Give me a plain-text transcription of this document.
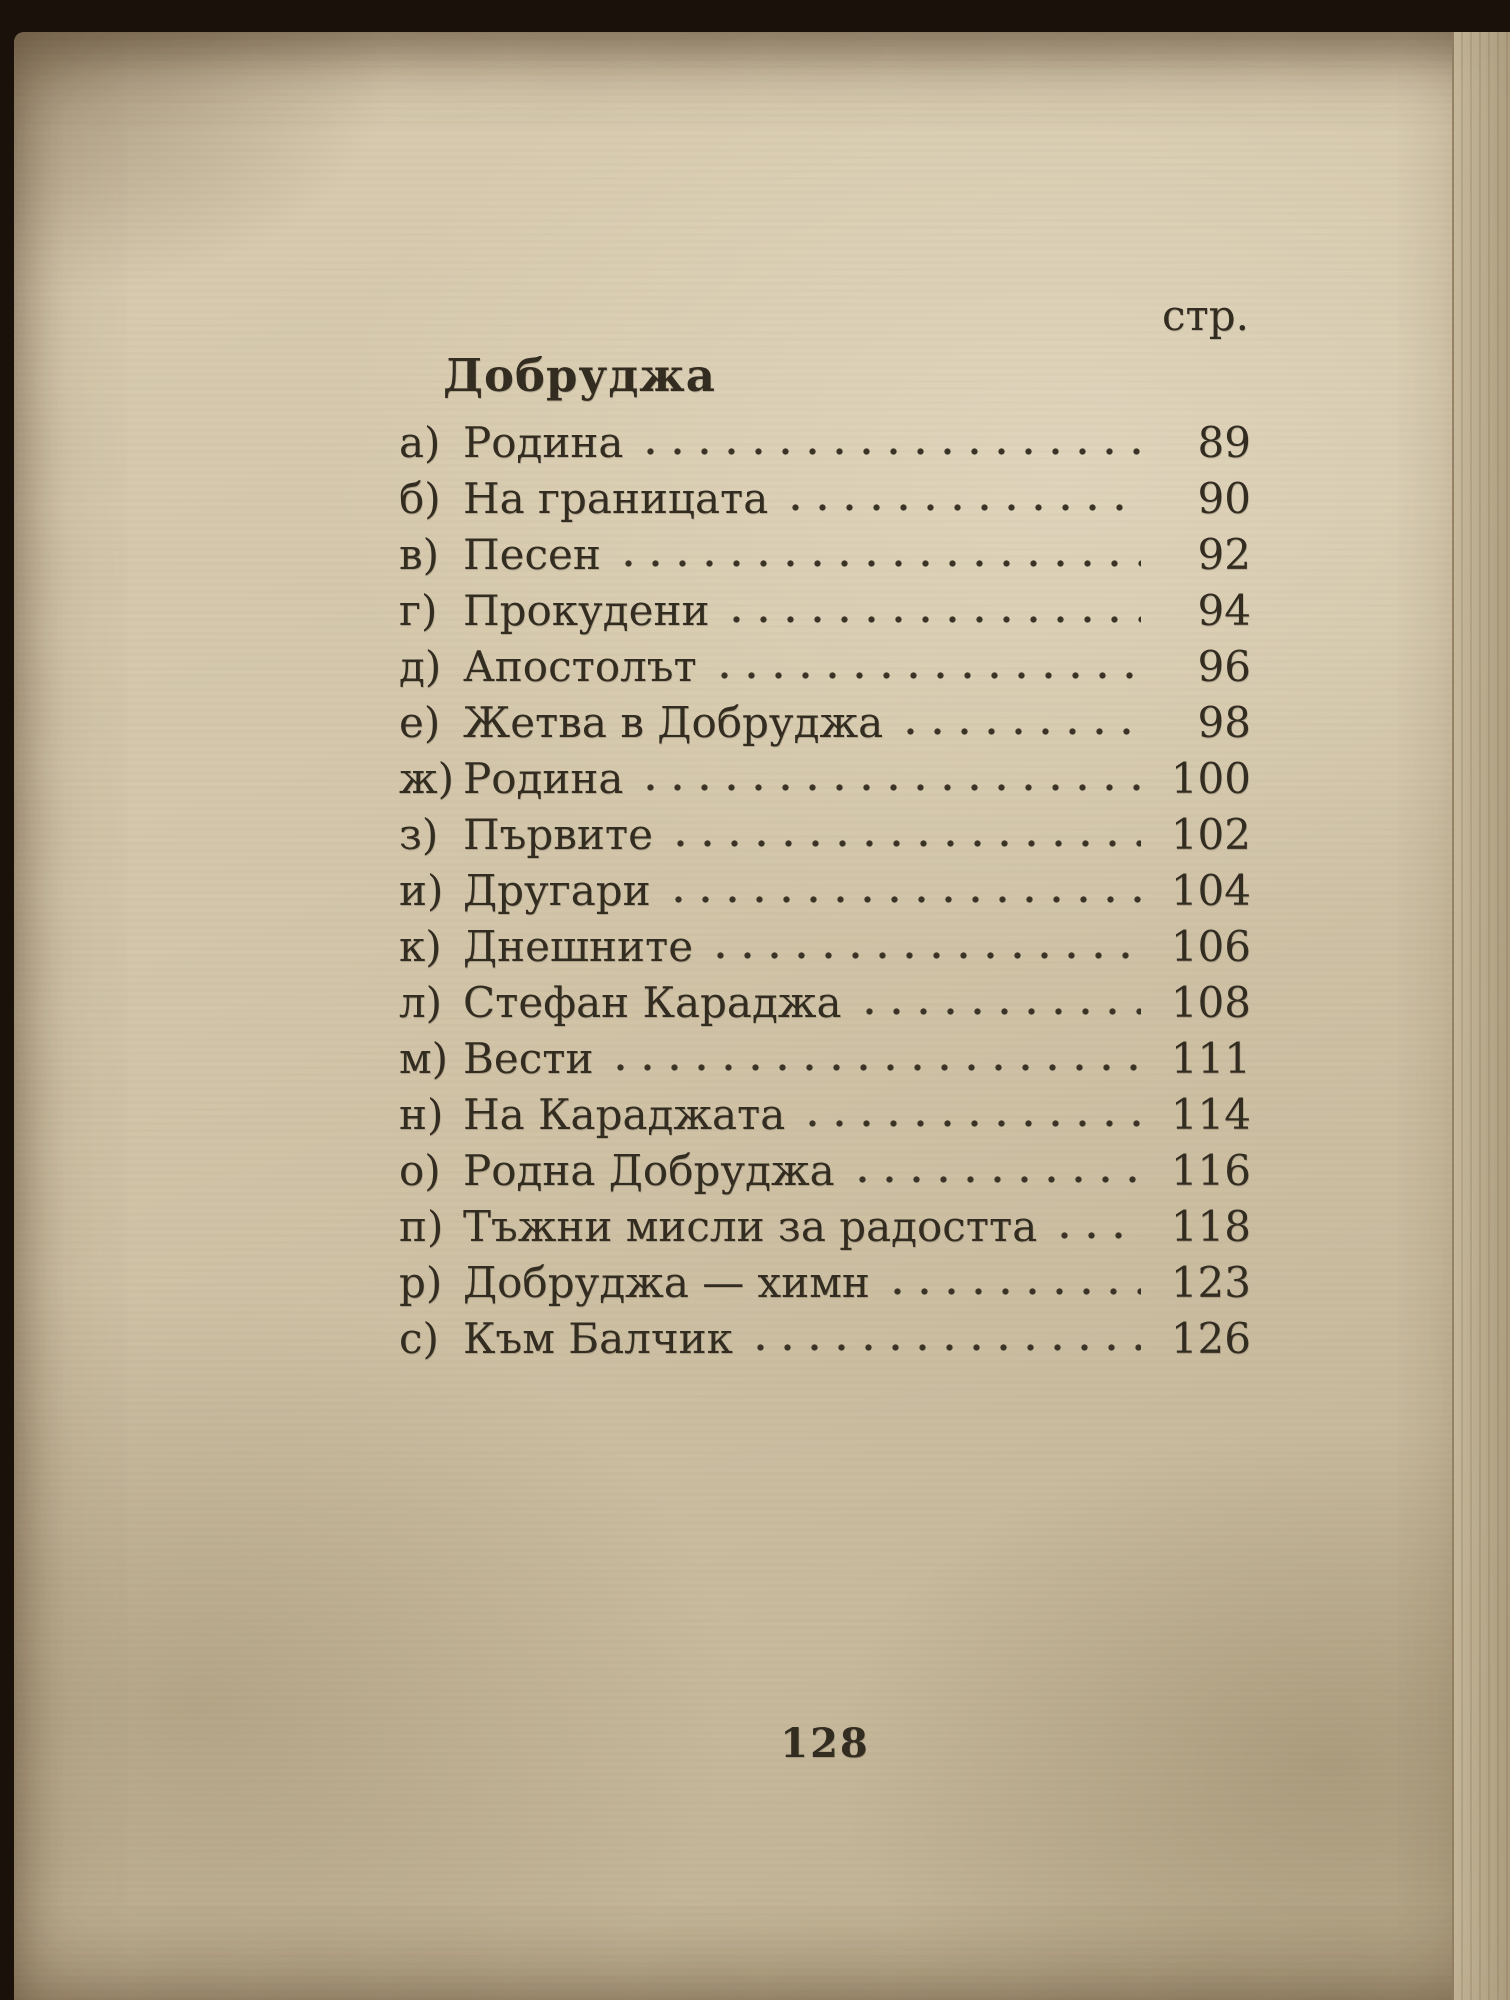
стр.
Добруджа
а) Родина	89
б) На границата	90
в) Песен	92
г) Прокудени	94
д) Апостолът	96
е) Жетва в Добруджа	98
ж) Родина	100
з) Първите	102
и) Другари	104
к) Днешните	106
л) Стефан Караджа	108
м) Вести	111
н) На Караджата	114
о) Родна Добруджа	116
п) Тъжни мисли за радостта	118
р) Добруджа — химн	123
с) Към Балчик	126
128
